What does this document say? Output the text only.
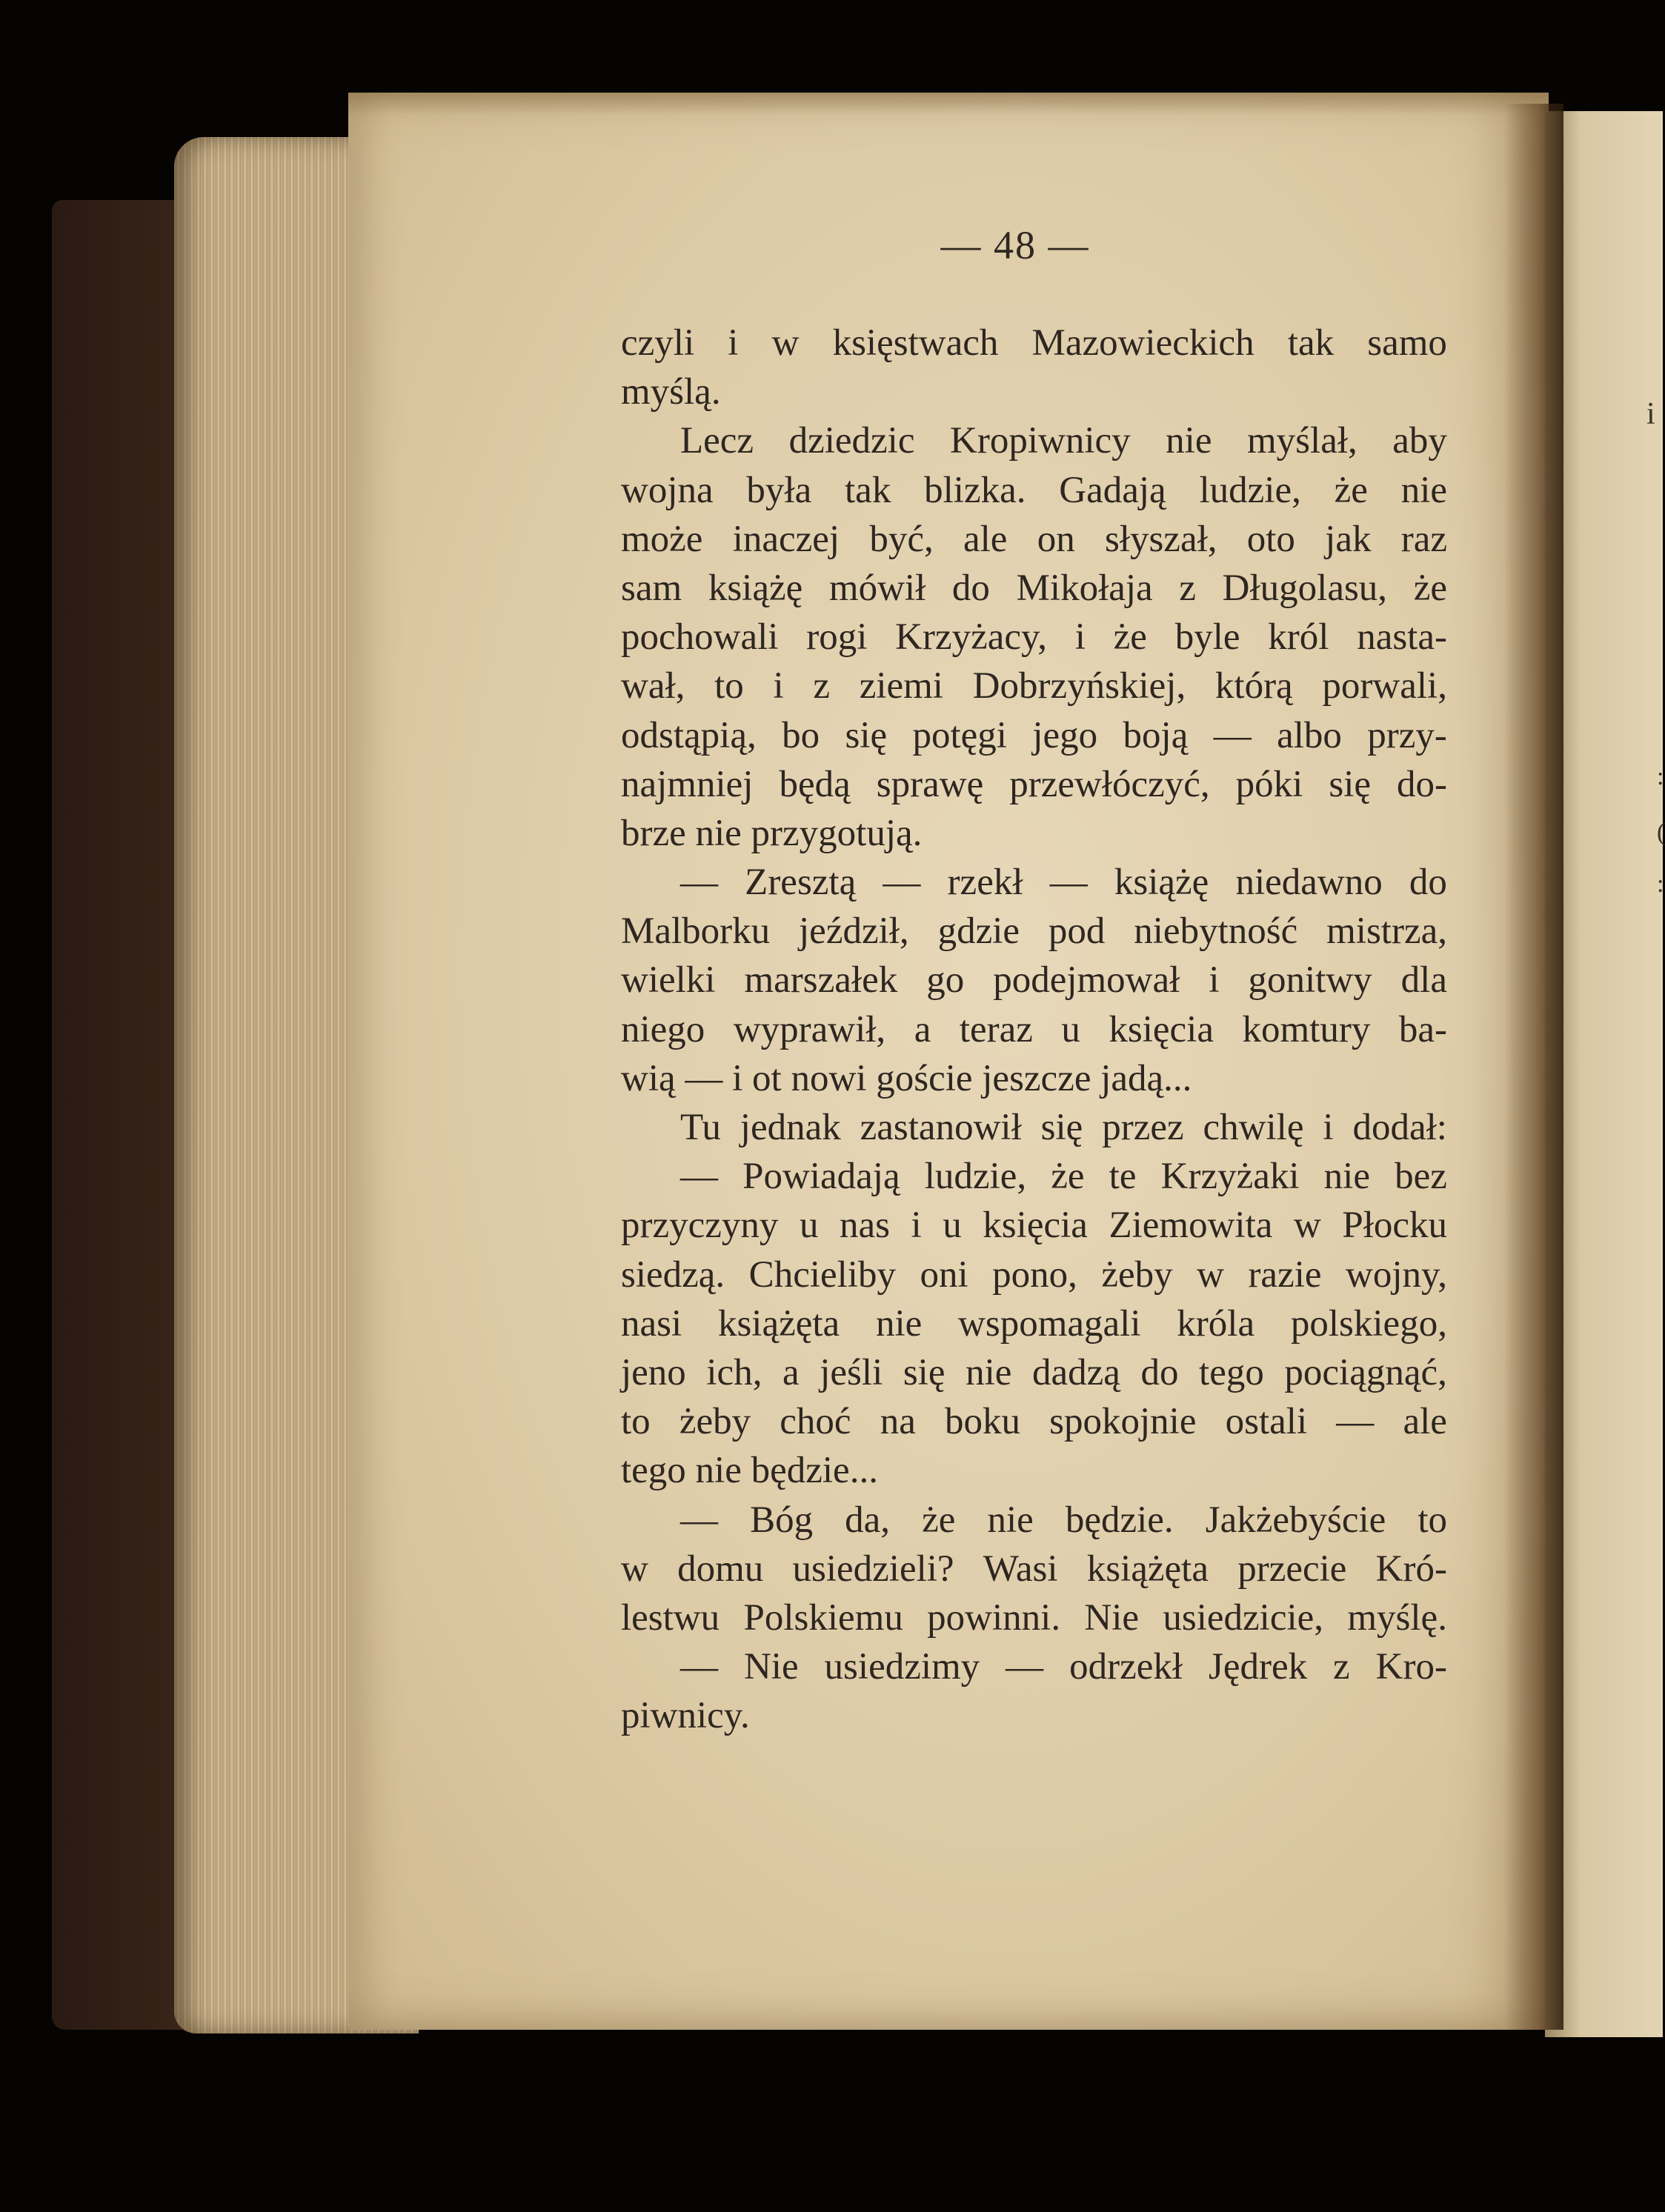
i
:
(
:
— 48 —
czyli i w księstwach Mazowieckich tak samo
myślą.
Lecz dziedzic Kropiwnicy nie myślał, aby
wojna była tak blizka. Gadają ludzie, że nie
może inaczej być, ale on słyszał, oto jak raz
sam książę mówił do Mikołaja z Długolasu, że
pochowali rogi Krzyżacy, i że byle król nasta-
wał, to i z ziemi Dobrzyńskiej, którą porwali,
odstąpią, bo się potęgi jego boją — albo przy-
najmniej będą sprawę przewłóczyć, póki się do-
brze nie przygotują.
— Zresztą — rzekł — książę niedawno do
Malborku jeździł, gdzie pod niebytność mistrza,
wielki marszałek go podejmował i gonitwy dla
niego wyprawił, a teraz u księcia komtury ba-
wią — i ot nowi goście jeszcze jadą...
Tu jednak zastanowił się przez chwilę i dodał:
— Powiadają ludzie, że te Krzyżaki nie bez
przyczyny u nas i u księcia Ziemowita w Płocku
siedzą. Chcieliby oni pono, żeby w razie wojny,
nasi książęta nie wspomagali króla polskiego,
jeno ich, a jeśli się nie dadzą do tego pociągnąć,
to żeby choć na boku spokojnie ostali — ale
tego nie będzie...
— Bóg da, że nie będzie. Jakżebyście to
w domu usiedzieli? Wasi książęta przecie Kró-
lestwu Polskiemu powinni. Nie usiedzicie, myślę.
— Nie usiedzimy — odrzekł Jędrek z Kro-
piwnicy.
